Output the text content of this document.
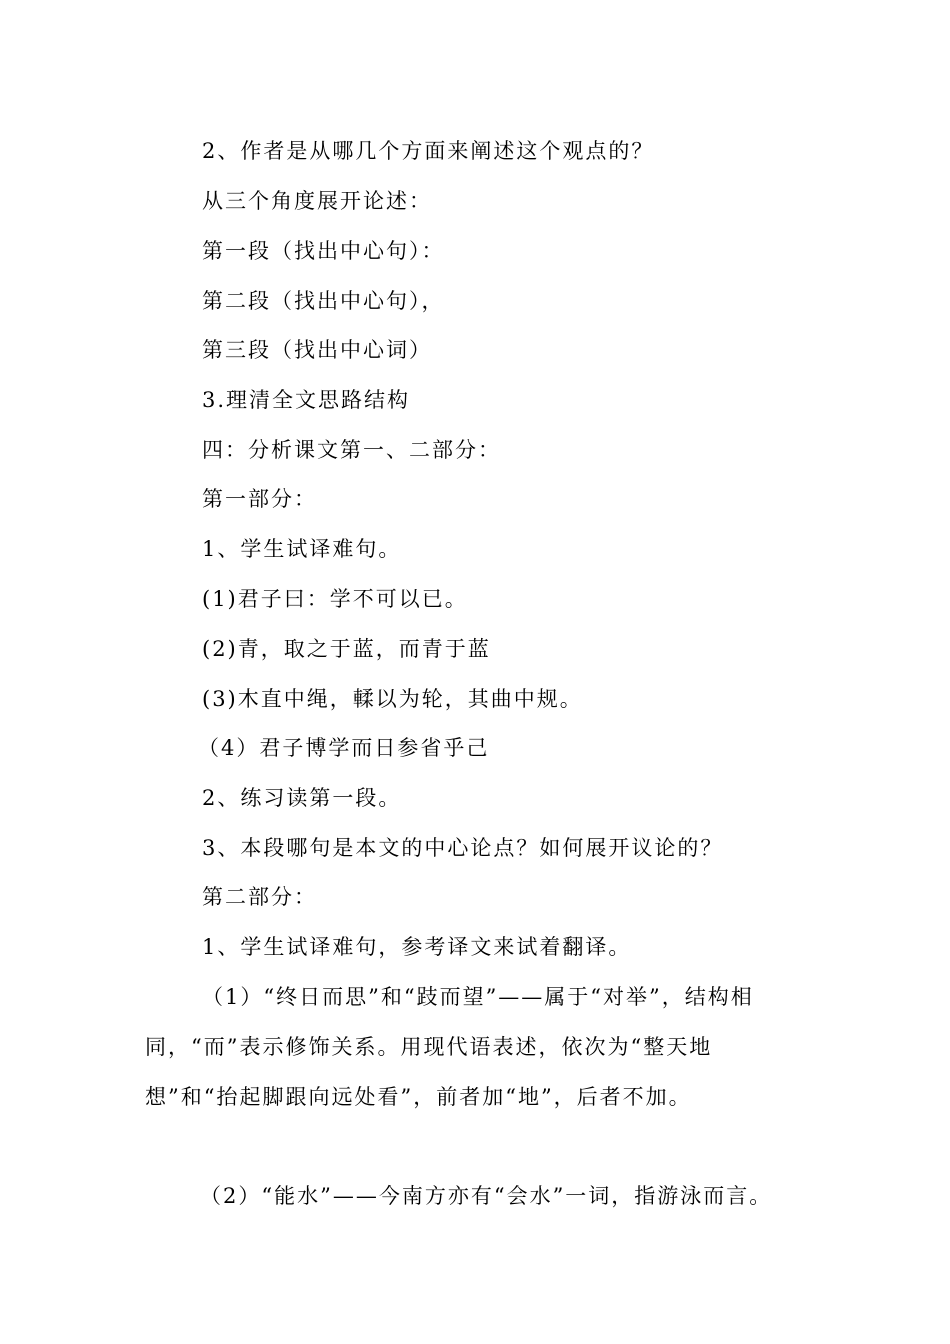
2、作者是从哪几个方面来阐述这个观点的？
从三个角度展开论述：
第一段（找出中心句）：
第二段（找出中心句），
第三段（找出中心词）
3.理清全文思路结构
四：分析课文第一、二部分：
第一部分：
1、学生试译难句。
(1)君子曰：学不可以已。
(2)青，取之于蓝，而青于蓝
(3)木直中绳，輮以为轮，其曲中规。
（4）君子博学而日参省乎己
2、练习读第一段。
3、本段哪句是本文的中心论点？如何展开议论的？
第二部分：
1、学生试译难句，参考译文来试着翻译。
（1）“终日而思”和“跂而望”——属于“对举”，结构相同，“而”表示修饰关系。用现代语表述，依次为“整天地想”和“抬起脚跟向远处看”，前者加“地”，后者不加。
（2）“能水”——今南方亦有“会水”一词，指游泳而言。
